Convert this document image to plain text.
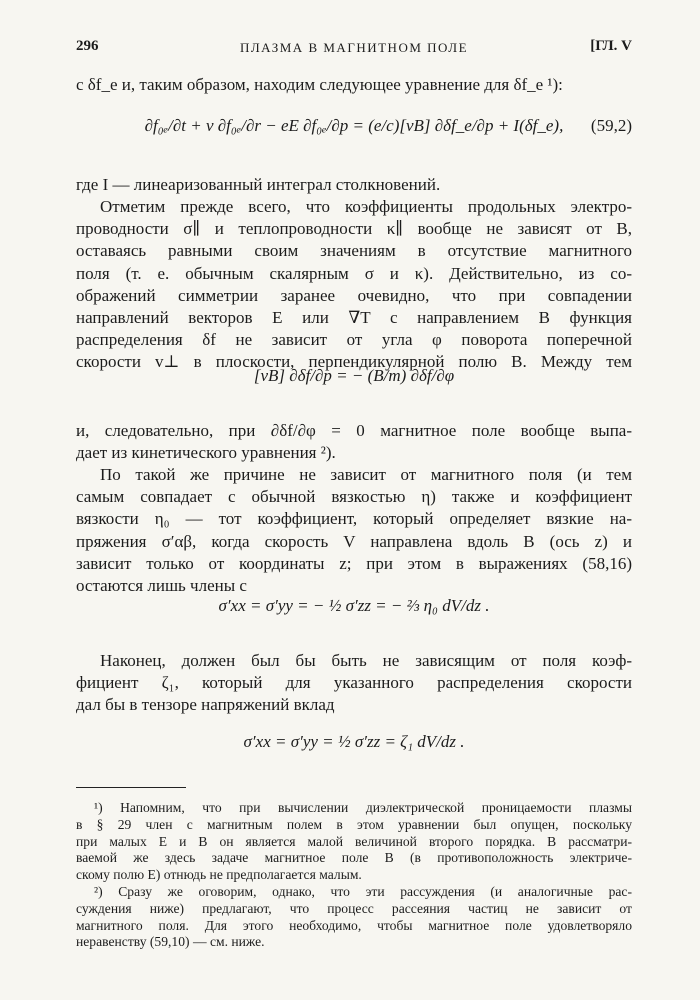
296	ПЛАЗМА В МАГНИТНОМ ПОЛЕ	[ГЛ. V
с δf_e и, таким образом, находим следующее уравнение для δf_e ¹):
∂f₀ₑ/∂t + v ∂f₀ₑ/∂r − eE ∂f₀ₑ/∂p = (e/c)[vB] ∂δf_e/∂p + I(δf_e), (59,2)
где I — линеаризованный интеграл столкновений.
Отметим прежде всего, что коэффициенты продольных электро-
проводности σ∥ и теплопроводности κ∥ вообще не зависят от B,
оставаясь равными своим значениям в отсутствие магнитного
поля (т. е. обычным скалярным σ и κ). Действительно, из со-
ображений симметрии заранее очевидно, что при совпадении
направлений векторов E или ∇T с направлением B функция
распределения δf не зависит от угла φ поворота поперечной
скорости v⊥ в плоскости, перпендикулярной полю B. Между тем
[vB] ∂δf/∂p = − (B/m) ∂δf/∂φ
и, следовательно, при ∂δf/∂φ = 0 магнитное поле вообще выпа-
дает из кинетического уравнения ²).
По такой же причине не зависит от магнитного поля (и тем
самым совпадает с обычной вязкостью η) также и коэффициент
вязкости η₀ — тот коэффициент, который определяет вязкие на-
пряжения σ′αβ, когда скорость V направлена вдоль B (ось z) и
зависит только от координаты z; при этом в выражениях (58,16)
остаются лишь члены с
σ′xx = σ′yy = − ½ σ′zz = − ⅔ η₀ dV/dz .
Наконец, должен был бы быть не зависящим от поля коэф-
фициент ζ₁, который для указанного распределения скорости
дал бы в тензоре напряжений вклад
σ′xx = σ′yy = ½ σ′zz = ζ₁ dV/dz .
¹) Напомним, что при вычислении диэлектрической проницаемости плазмы
в § 29 член с магнитным полем в этом уравнении был опущен, поскольку
при малых E и B он является малой величиной второго порядка. В рассматри-
ваемой же здесь задаче магнитное поле B (в противоположность электриче-
скому полю E) отнюдь не предполагается малым.
²) Сразу же оговорим, однако, что эти рассуждения (и аналогичные рас-
суждения ниже) предлагают, что процесс рассеяния частиц не зависит от
магнитного поля. Для этого необходимо, чтобы магнитное поле удовлетворяло
неравенству (59,10) — см. ниже.
